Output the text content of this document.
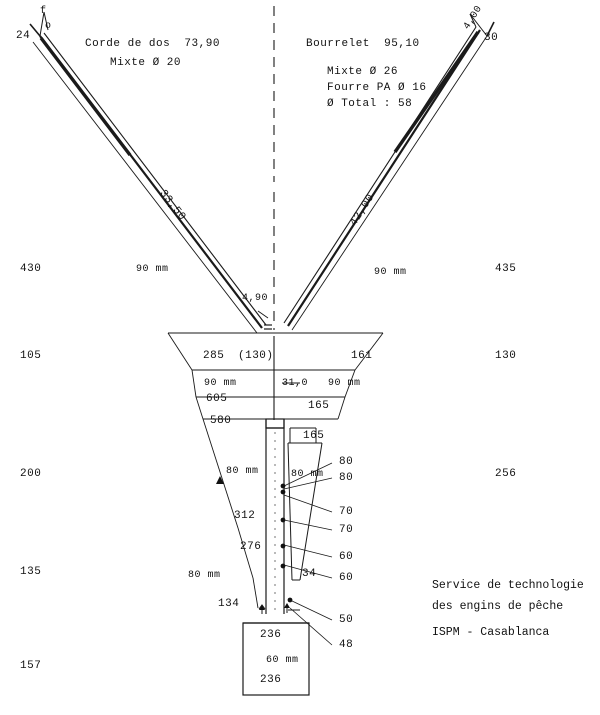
Corde de dos  73,90
Mixte Ø 20
Bourrelet  95,10
Mixte Ø 26
Fourre PA Ø 16
Ø Total : 58
f
o
24
4,00
30
33,50	42,00
430
105
200
135
157
435
130
256
90 mm	90 mm
90 mm	90 mm
80 mm	80 mm
80 mm
60 mm
4,90
285 (130)
605
580
161
31,0
165
165
312
276
134
34
236
236
80
80
70
70
60
60
50
48
Service de technologie
des engins de pêche
ISPM - Casablanca
